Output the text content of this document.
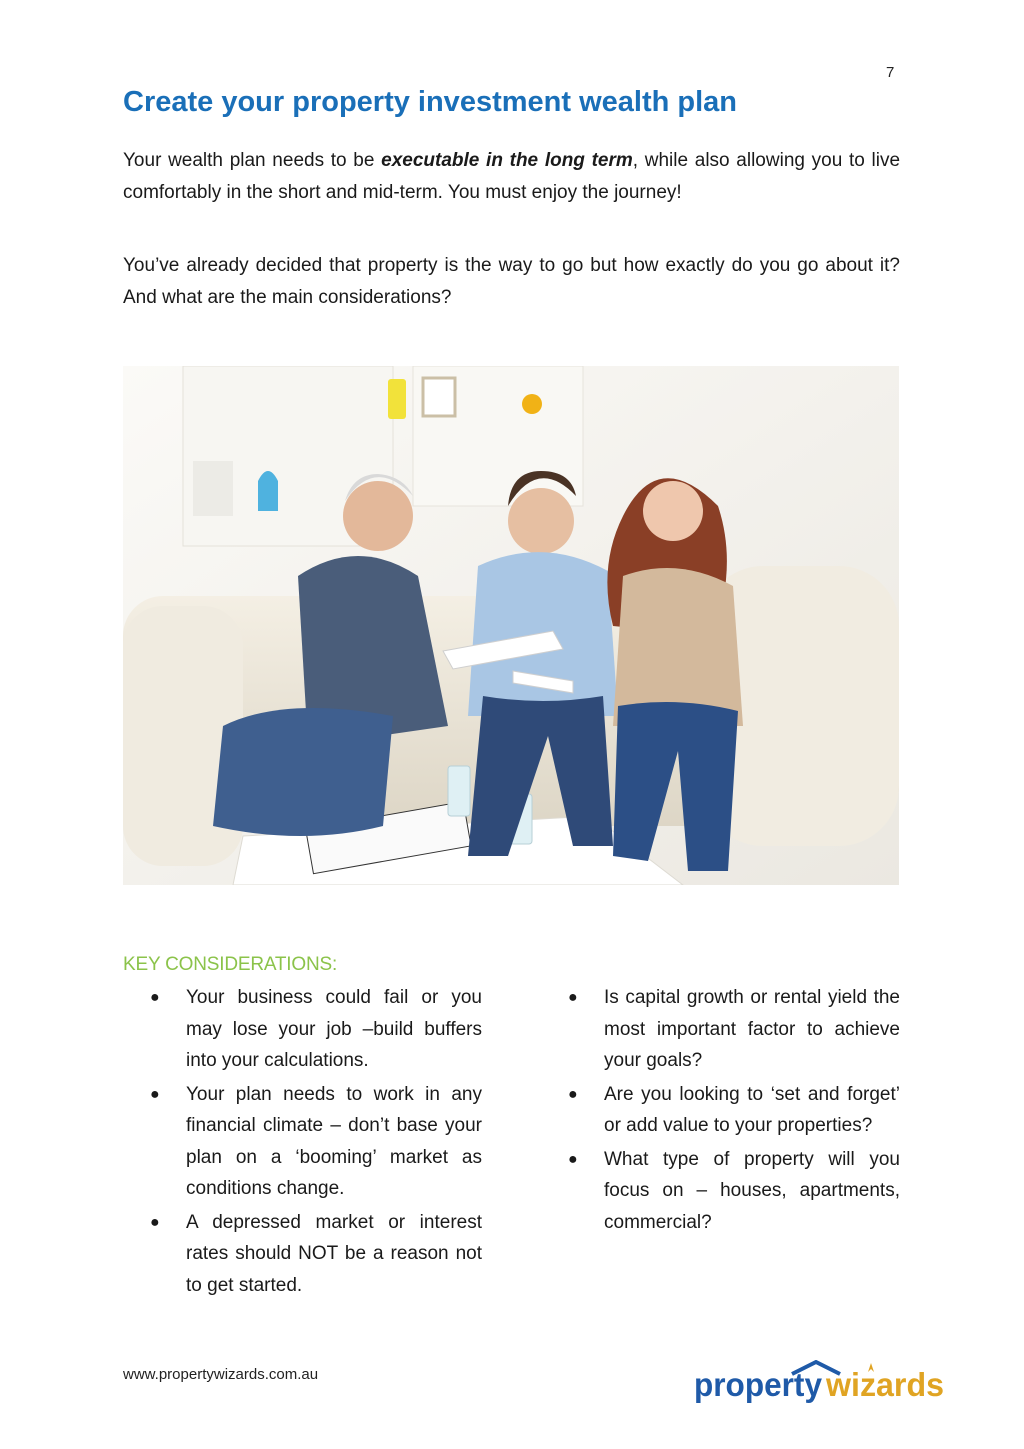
7
Create your property investment wealth plan

Your wealth plan needs to be executable in the long term, while also allowing you to live comfortably in the short and mid-term. You must enjoy the journey!

You’ve already decided that property is the way to go but how exactly do you go about it? And what are the main considerations?

KEY CONSIDERATIONS:
● Your business could fail or you may lose your job –build buffers into your calculations.
● Your plan needs to work in any financial climate – don’t base your plan on a ‘booming’ market as conditions change.
● A depressed market or interest rates should NOT be a reason not to get started.
● Is capital growth or rental yield the most important factor to achieve your goals?
● Are you looking to ‘set and forget’ or add value to your properties?
● What type of property will you focus on – houses, apartments, commercial?
www.propertywizards.com.au	property wizards
